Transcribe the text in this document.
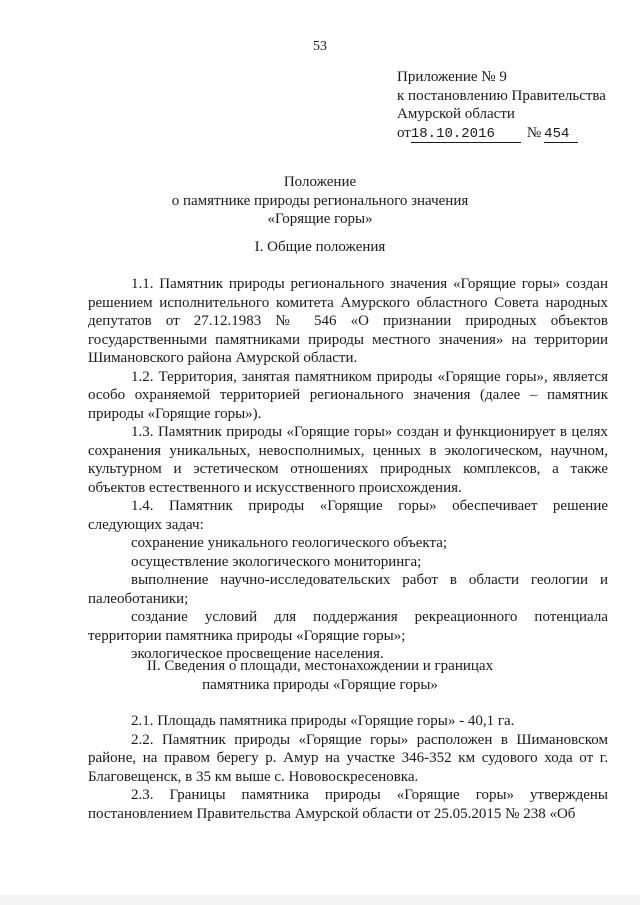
53
Приложение № 9
к постановлению Правительства
Амурской области
от18.10.2016 № 454
Положение
о памятнике природы регионального значения
«Горящие горы»
I. Общие положения

1.1. Памятник природы регионального значения «Горящие горы» создан решением исполнительного комитета Амурского областного Совета народных депутатов от 27.12.1983 № 546 «О признании природных объектов государственными памятниками природы местного значения» на территории Шимановского района Амурской области.

1.2. Территория, занятая памятником природы «Горящие горы», является особо охраняемой территорией регионального значения (далее – памятник природы «Горящие горы»).

1.3. Памятник природы «Горящие горы» создан и функционирует в целях сохранения уникальных, невосполнимых, ценных в экологическом, научном, культурном и эстетическом отношениях природных комплексов, а также объектов естественного и искусственного происхождения.

1.4. Памятник природы «Горящие горы» обеспечивает решение следующих задач:

сохранение уникального геологического объекта;

осуществление экологического мониторинга;

выполнение научно-исследовательских работ в области геологии и палеоботаники;

создание условий для поддержания рекреационного потенциала территории памятника природы «Горящие горы»;

экологическое просвещение населения.

II. Сведения о площади, местонахождении и границах
памятника природы «Горящие горы»

2.1. Площадь памятника природы «Горящие горы» - 40,1 га.

2.2. Памятник природы «Горящие горы» расположен в Шимановском районе, на правом берегу р. Амур на участке 346-352 км судового хода от г. Благовещенск, в 35 км выше с. Нововоскресеновка.

2.3. Границы памятника природы «Горящие горы» утверждены постановлением Правительства Амурской области от 25.05.2015 № 238 «Об
